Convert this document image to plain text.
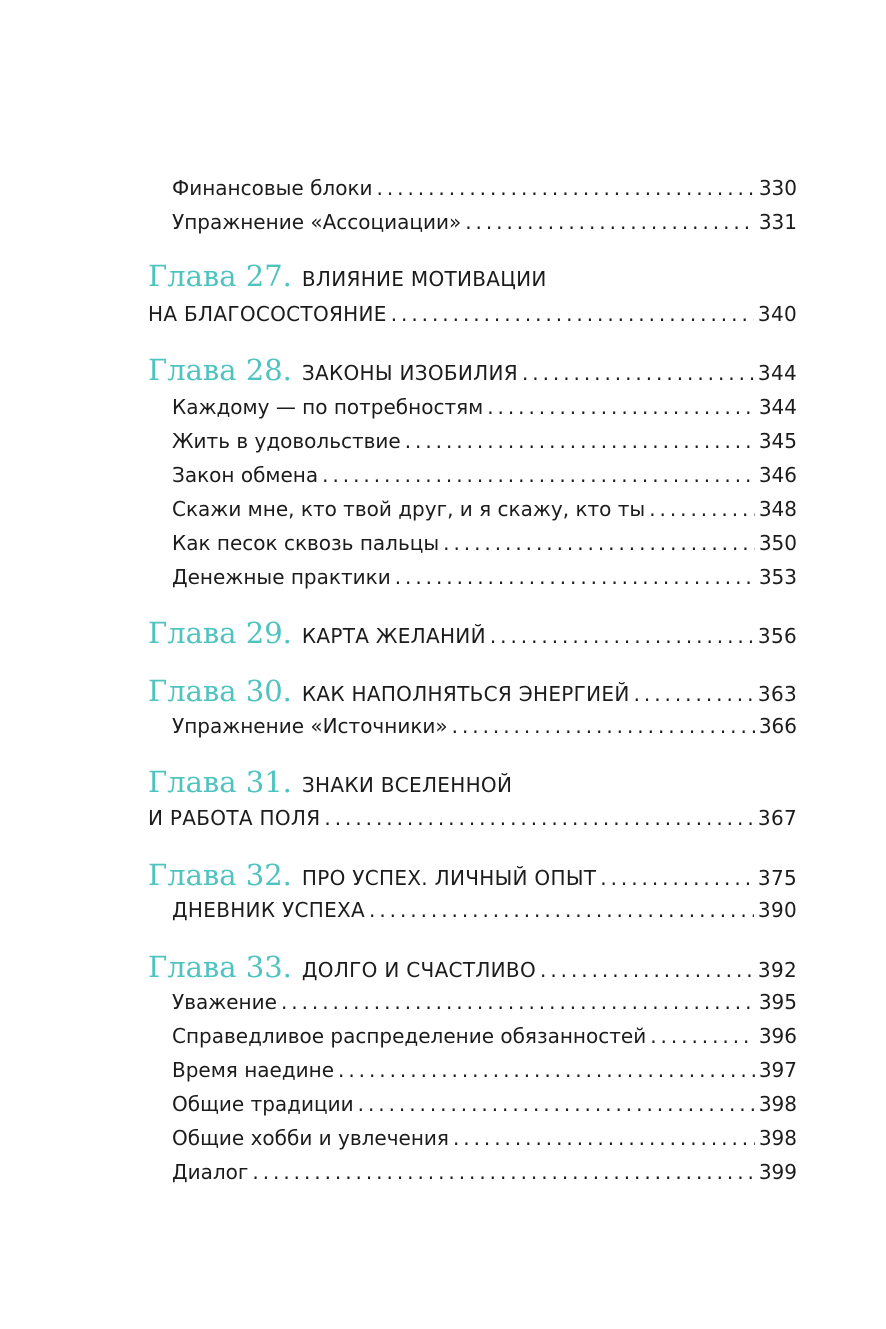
Финансовые блоки . . .	330
Упражнение «Ассоциации» . . .	331
Глава 27. ВЛИЯНИЕ МОТИВАЦИИ
НА БЛАГОСОСТОЯНИЕ . . .	340
Глава 28. ЗАКОНЫ ИЗОБИЛИЯ . . .	344
Каждому — по потребностям . . .	344
Жить в удовольствие . . .	345
Закон обмена . . .	346
Скажи мне, кто твой друг, и я скажу, кто ты . . .	348
Как песок сквозь пальцы . . .	350
Денежные практики . . .	353
Глава 29. КАРТА ЖЕЛАНИЙ . . .	356
Глава 30. КАК НАПОЛНЯТЬСЯ ЭНЕРГИЕЙ . . .	363
Упражнение «Источники» . . .	366
Глава 31. ЗНАКИ ВСЕЛЕННОЙ
И РАБОТА ПОЛЯ . . .	367
Глава 32. ПРО УСПЕХ. ЛИЧНЫЙ ОПЫТ . . .	375
ДНЕВНИК УСПЕХА . . .	390
Глава 33. ДОЛГО И СЧАСТЛИВО . . .	392
Уважение . . .	395
Справедливое распределение обязанностей . . .	396
Время наедине . . .	397
Общие традиции . . .	398
Общие хобби и увлечения . . .	398
Диалог . . .	399
